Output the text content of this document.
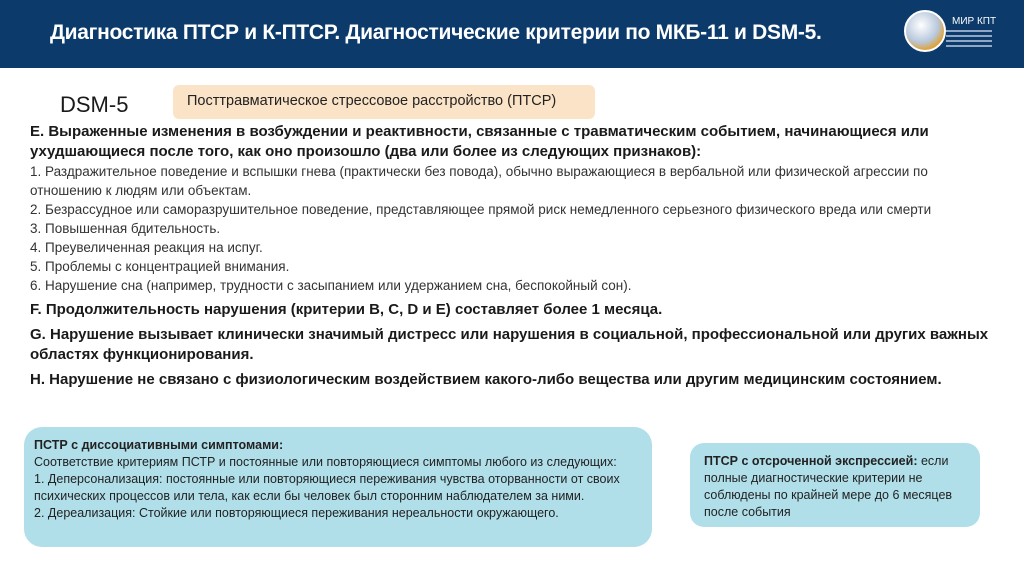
Диагностика ПТСР и К-ПТСР. Диагностические критерии по МКБ-11 и DSM-5.	МИР КПТ
DSM-5	Посттравматическое стрессовое расстройство (ПТСР)
E. Выраженные изменения в возбуждении и реактивности, связанные с травматическим событием, начинающиеся или ухудшающиеся после того, как оно произошло (два или более из следующих признаков):
1. Раздражительное поведение и вспышки гнева (практически без повода), обычно выражающиеся в вербальной или физической агрессии по отношению к людям или объектам.
2. Безрассудное или саморазрушительное поведение, представляющее прямой риск немедленного серьезного физического вреда или смерти
3. Повышенная бдительность.
4. Преувеличенная реакция на испуг.
5. Проблемы с концентрацией внимания.
6. Нарушение сна (например, трудности с засыпанием или удержанием сна, беспокойный сон).
F. Продолжительность нарушения (критерии B, C, D и E) составляет более 1 месяца.
G. Нарушение вызывает клинически значимый дистресс или нарушения в социальной, профессиональной или других важных областях функционирования.
H. Нарушение не связано с физиологическим воздействием какого-либо вещества или другим медицинским состоянием.
ПСТР с диссоциативными симптомами:
Соответствие критериям ПСТР и постоянные или повторяющиеся симптомы любого из следующих:
1. Деперсонализация: постоянные или повторяющиеся переживания чувства оторванности от своих психических процессов или тела, как если бы человек был сторонним наблюдателем за ними.
2. Дереализация: Стойкие или повторяющиеся переживания нереальности окружающего.
ПТСР с отсроченной экспрессией: если полные диагностические критерии не соблюдены по крайней мере до 6 месяцев после события
